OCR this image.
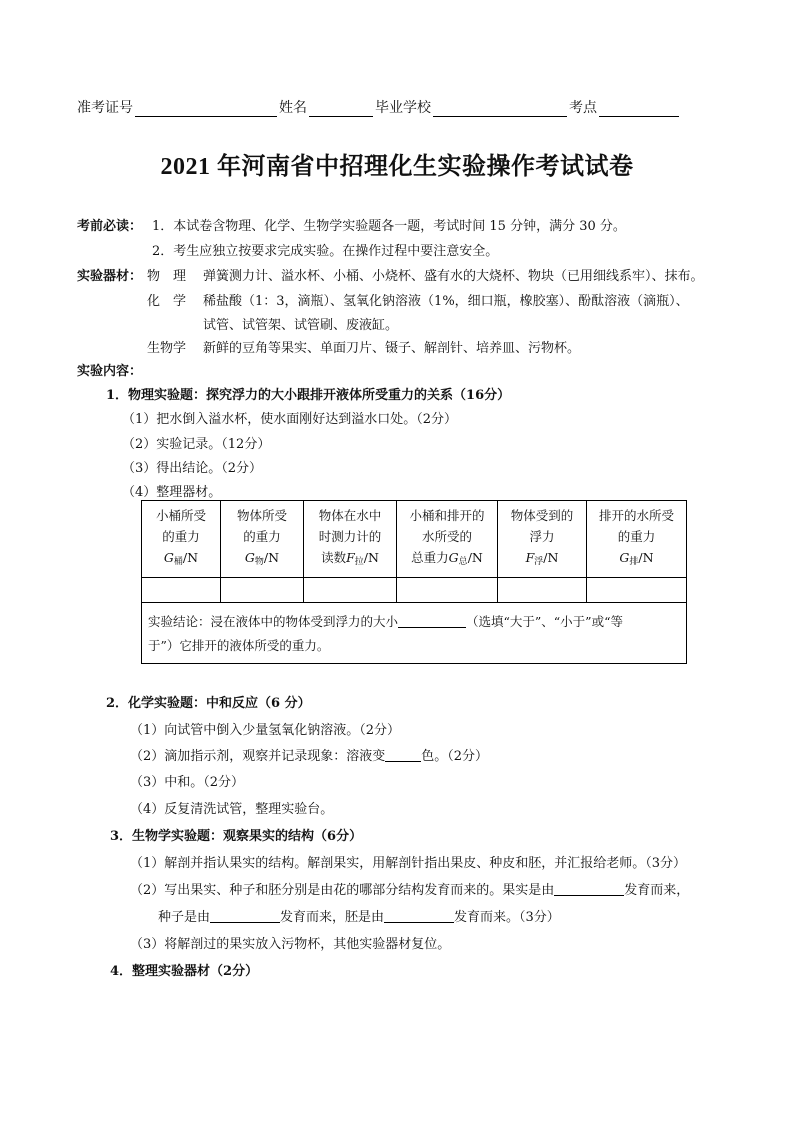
准考证号	姓名	毕业学校	考点
2021 年河南省中招理化生实验操作考试试卷
考前必读： 1．本试卷含物理、化学、生物学实验题各一题，考试时间 15 分钟，满分 30 分。
2．考生应独立按要求完成实验。在操作过程中要注意安全。
实验器材： 物　理 弹簧测力计、溢水杯、小桶、小烧杯、盛有水的大烧杯、物块（已用细线系牢）、抹布。
化　学 稀盐酸（1：3，滴瓶）、氢氧化钠溶液（1%，细口瓶，橡胶塞）、酚酞溶液（滴瓶）、
试管、试管架、试管刷、废液缸。
生物学 新鲜的豆角等果实、单面刀片、镊子、解剖针、培养皿、污物杯。
实验内容：
1．物理实验题：探究浮力的大小跟排开液体所受重力的关系（16分）
（1）把水倒入溢水杯，使水面刚好达到溢水口处。（2分）
（2）实验记录。（12分）
（3）得出结论。（2分）
（4）整理器材。
小桶所受
的重力
$G_桶/N$	物体所受
的重力
$G_物/N$	物体在水中
时测力计的
读数$F_拉/N$	小桶和排开的
水所受的
总重力$G_总/N$	物体受到的
浮力
$F_浮/N$	排开的水所受
的重力
$G_排/N$

实验结论：浸在液体中的物体受到浮力的大小 （选填“大于”、“小于”或“等
于”）它排开的液体所受的重力。					
2．化学实验题：中和反应（6 分）
（1）向试管中倒入少量氢氧化钠溶液。（2分）
（2）滴加指示剂，观察并记录现象：溶液变	色。（2分）
（3）中和。（2分）
（4）反复清洗试管，整理实验台。
3．生物学实验题：观察果实的结构（6分）
（1）解剖并指认果实的结构。解剖果实，用解剖针指出果皮、种皮和胚，并汇报给老师。（3分）
（2）写出果实、种子和胚分别是由花的哪部分结构发育而来的。果实是由	发育而来，
种子是由	发育而来，胚是由	发育而来。（3分）
（3）将解剖过的果实放入污物杯，其他实验器材复位。
4．整理实验器材（2分）
